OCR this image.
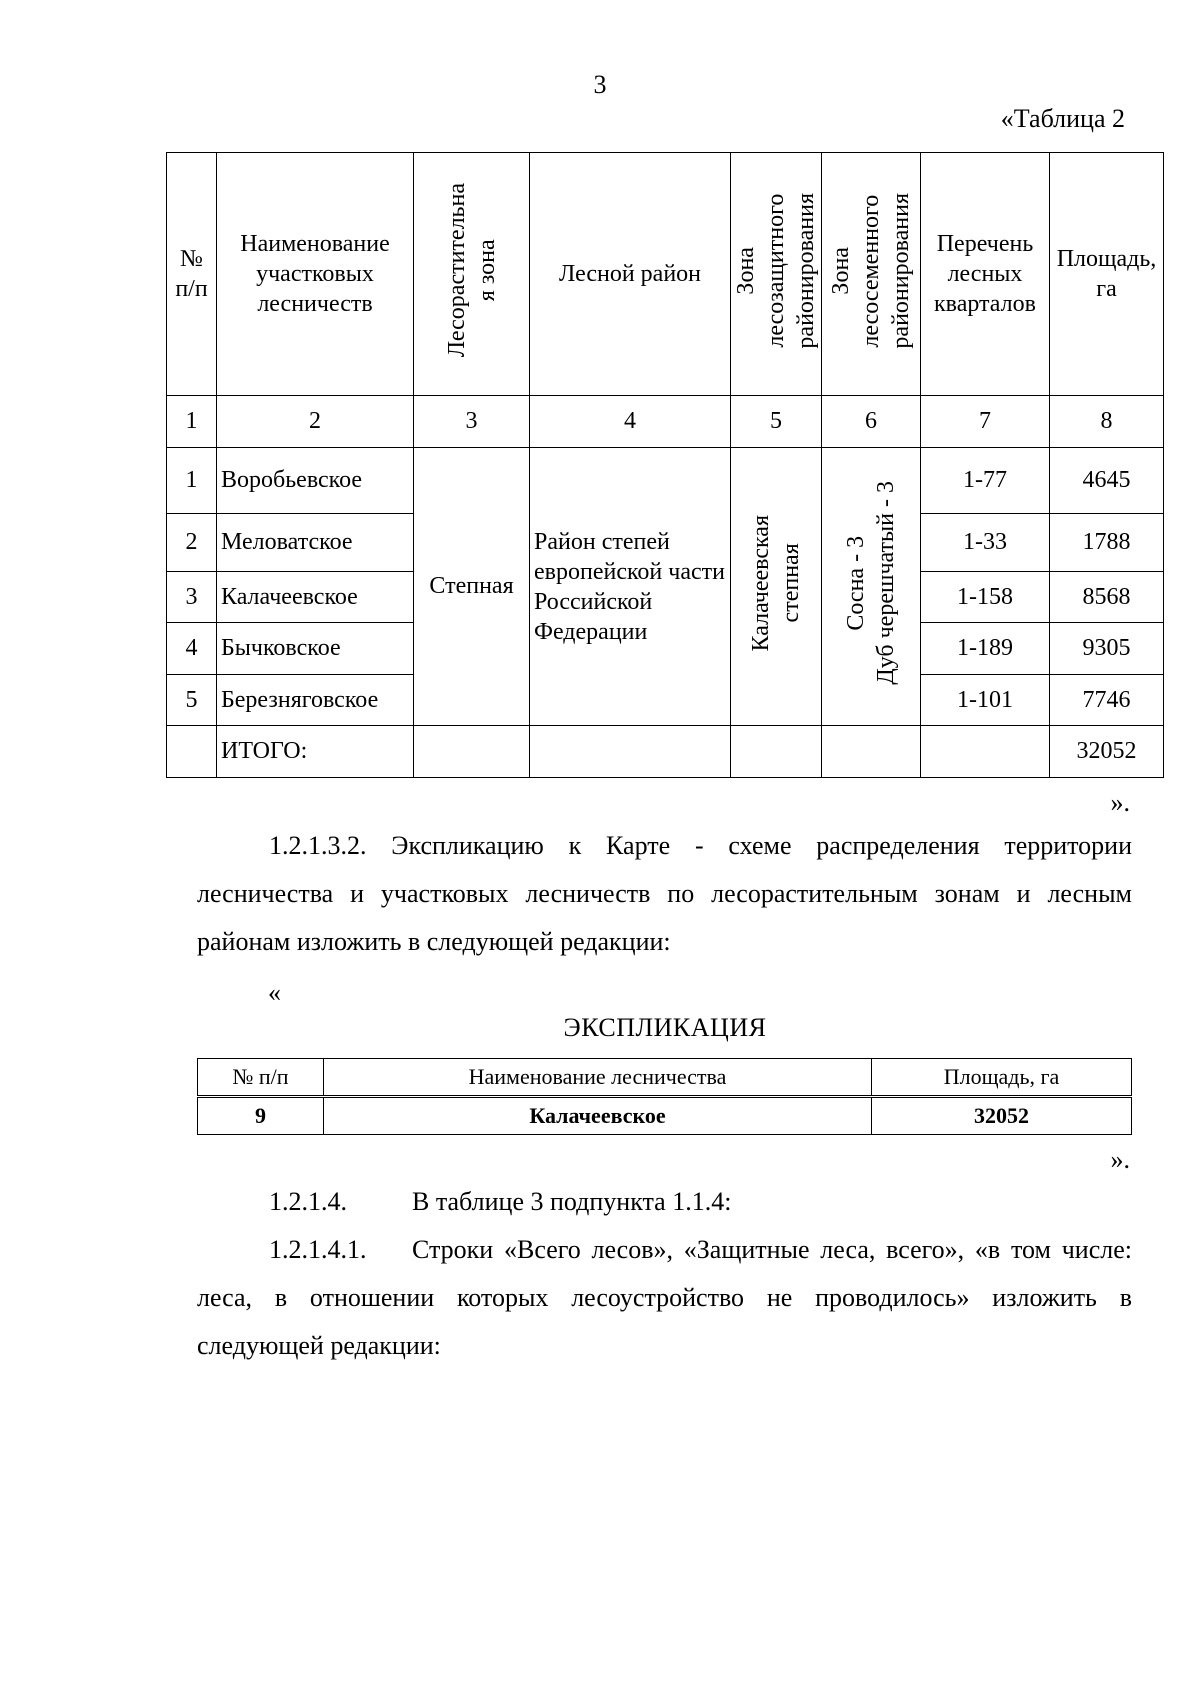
3
«Таблица 2
№ п/п	Наименование участковых лесничеств	Лесорастительна я зона	Лесной район	Зона лесозащитного районирования	Зона лесосеменного районирования	Перечень лесных кварталов	Площадь, га
1	2	3	4	5	6	7	8
1	Воробьевское	Степная	Район степей европейской части Российской Федерации	Калачеевская степная	Сосна - 3 Дуб черешчатый - 3	1-77	4645
2	Меловатское					1-33	1788
3	Калачеевское					1-158	8568
4	Бычковское					1-189	9305
5	Березняговское					1-101	7746
	ИТОГО:						32052
».

1.2.1.3.2. Экспликацию к Карте - схеме распределения территории лесничества и участковых лесничеств по лесорастительным зонам и лесным районам изложить в следующей редакции:

«
ЭКСПЛИКАЦИЯ
№ п/п	Наименование лесничества	Площадь, га
9	Калачеевское	32052
».
1.2.1.4.	В таблице 3 подпункта 1.1.4:

1.2.1.4.1. Строки «Всего лесов», «Защитные леса, всего», «в том числе: леса, в отношении которых лесоустройство не проводилось» изложить в следующей редакции:
